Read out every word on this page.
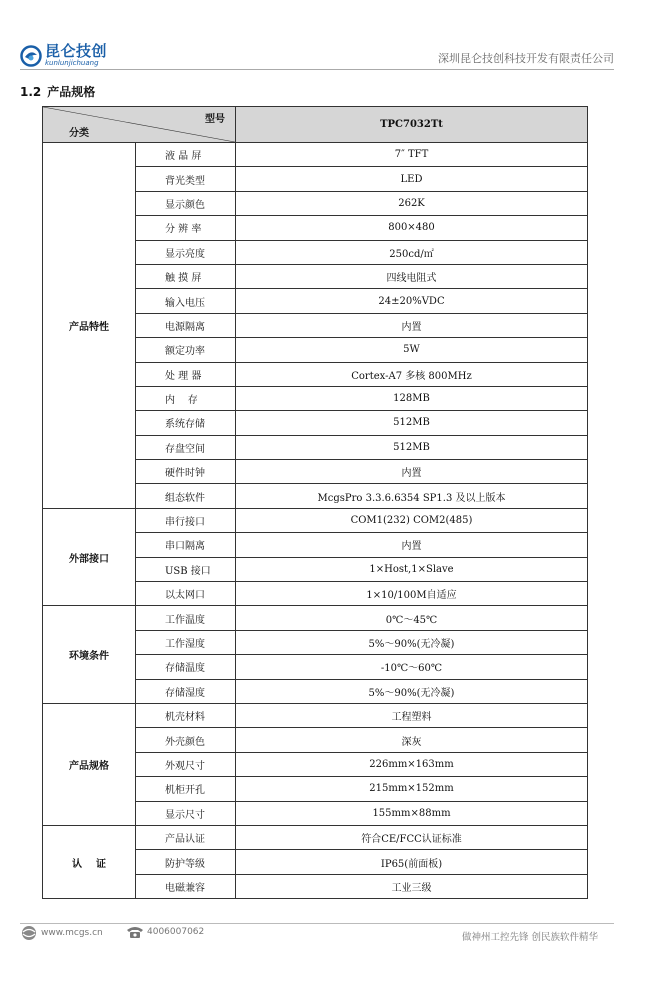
昆仑技创
kunlunjichuang	深圳昆仑技创科技开发有限责任公司
1.2 产品规格
型号
分类		TPC7032Tt
产品特性	液 晶 屏	7″ TFT
	背光类型	LED
	显示颜色	262K
	分 辨 率	800×480
	显示亮度	250cd/㎡
	触 摸 屏	四线电阻式
	输入电压	24±20%VDC
	电源隔离	内置
	额定功率	5W
	处 理 器	Cortex-A7 多核 800MHz
	内    存	128MB
	系统存储	512MB
	存盘空间	512MB
	硬件时钟	内置
	组态软件	McgsPro 3.3.6.6354 SP1.3 及以上版本
外部接口	串行接口	COM1(232) COM2(485)
	串口隔离	内置
	USB 接口	1×Host,1×Slave
	以太网口	1×10/100M自适应
环境条件	工作温度	0℃～45℃
	工作湿度	5%～90%(无冷凝)
	存储温度	-10℃～60℃
	存储湿度	5%～90%(无冷凝)
产品规格	机壳材料	工程塑料
	外壳颜色	深灰
	外观尺寸	226mm×163mm
	机柜开孔	215mm×152mm
	显示尺寸	155mm×88mm
认    证	产品认证	符合CE/FCC认证标准
	防护等级	IP65(前面板)
	电磁兼容	工业三级
www.mcgs.cn	4006007062	做神州工控先锋 创民族软件精华
